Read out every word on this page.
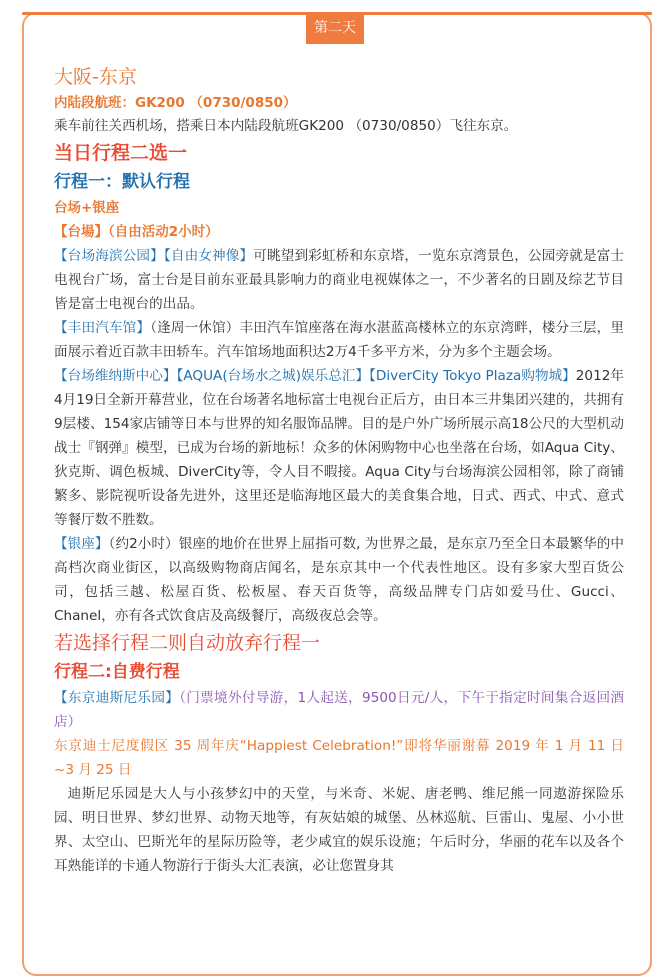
第二天
大阪-东京
内陆段航班：GK200 （0730/0850）

乘车前往关西机场，搭乘日本内陆段航班GK200 （0730/0850）飞往东京。

当日行程二选一
行程一：默认行程
台场+银座
【台場】（自由活动2小时）

【台场海滨公园】【自由女神像】可眺望到彩虹桥和东京塔，一览东京湾景色，公园旁就是富士电视台广场，富士台是目前东亚最具影响力的商业电视媒体之一，不少著名的日剧及综艺节目皆是富士电视台的出品。

【丰田汽车馆】（逢周一休馆）丰田汽车馆座落在海水湛蓝高楼林立的东京湾畔，楼分三层，里面展示着近百款丰田轿车。汽车馆场地面积达2万4千多平方米，分为多个主题会场。

【台场维纳斯中心】【AQUA(台场水之城)娱乐总汇】【DiverCity Tokyo Plaza购物城】2012年4月19日全新开幕营业，位在台场著名地标富士电视台正后方，由日本三井集团兴建的，共拥有9层楼、154家店铺等日本与世界的知名服饰品牌。目的是户外广场所展示高18公尺的大型机动战士『钢弹』模型，已成为台场的新地标！众多的休闲购物中心也坐落在台场，如Aqua City、狄克斯、调色板城、DiverCity等，令人目不暇接。Aqua City与台场海滨公园相邻，除了商铺繁多、影院视听设备先进外，这里还是临海地区最大的美食集合地，日式、西式、中式、意式等餐厅数不胜数。

【银座】（约2小时）银座的地价在世界上屈指可数, 为世界之最，是东京乃至全日本最繁华的中高档次商业街区，以高级购物商店闻名，是东京其中一个代表性地区。设有多家大型百货公司，包括三越、松屋百货、松板屋、春天百货等，高级品牌专门店如爱马仕、Gucci、Chanel，亦有各式饮食店及高级餐厅，高级夜总会等。

若选择行程二则自动放弃行程一
行程二:自费行程

【东京迪斯尼乐园】（门票境外付导游，1人起送，9500日元/人，下午于指定时间集合返回酒店）

东京迪士尼度假区 35 周年庆“Happiest Celebration!”即将华丽谢幕 2019 年 1 月 11 日 ~3 月 25 日

迪斯尼乐园是大人与小孩梦幻中的天堂，与米奇、米妮、唐老鸭、维尼熊一同遨游探险乐园、明日世界、梦幻世界、动物天地等，有灰姑娘的城堡、丛林巡航、巨雷山、鬼屋、小小世界、太空山、巴斯光年的星际历险等，老少咸宜的娱乐设施；午后时分，华丽的花车以及各个耳熟能详的卡通人物游行于街头大汇表演，必让您置身其
